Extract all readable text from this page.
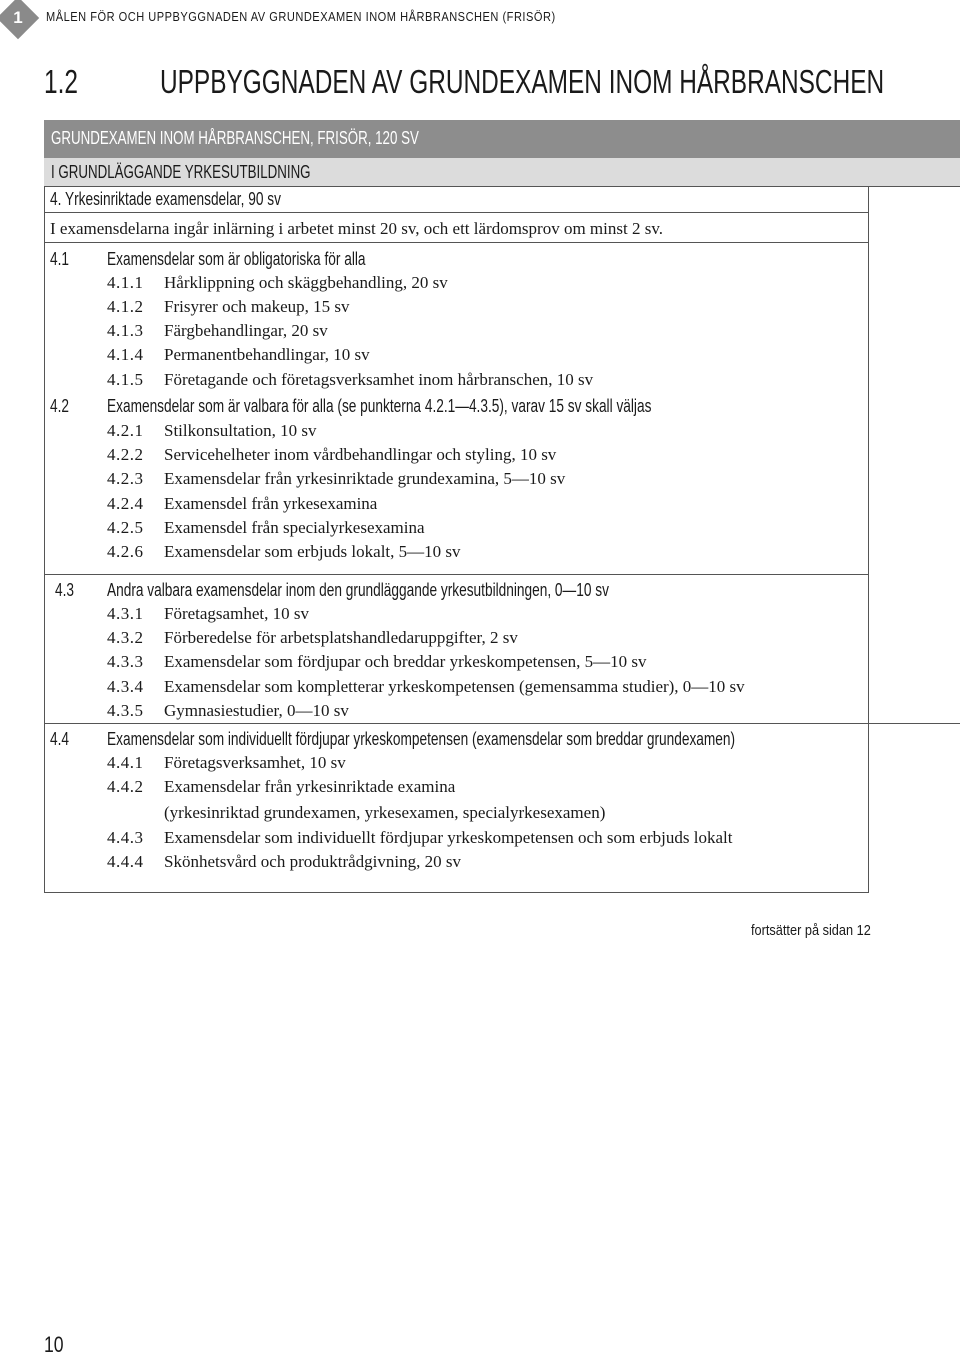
1	MÅLEN FÖR OCH UPPBYGGNADEN AV GRUNDEXAMEN INOM HÅRBRANSCHEN (FRISÖR)
1.2 UPPBYGGNADEN AV GRUNDEXAMEN INOM HÅRBRANSCHEN
GRUNDEXAMEN INOM HÅRBRANSCHEN, FRISÖR, 120 SV
I GRUNDLÄGGANDE YRKESUTBILDNING
4. Yrkesinriktade examensdelar, 90 sv
I examensdelarna ingår inlärning i arbetet minst 20 sv, och ett lärdomsprov om minst 2 sv.
4.1 Examensdelar som är obligatoriska för alla
4.1.1 Hårklippning och skäggbehandling, 20 sv
4.1.2 Frisyrer och makeup, 15 sv
4.1.3 Färgbehandlingar, 20 sv
4.1.4 Permanentbehandlingar, 10 sv
4.1.5 Företagande och företagsverksamhet inom hårbranschen, 10 sv
4.2 Examensdelar som är valbara för alla (se punkterna 4.2.1—4.3.5), varav 15 sv skall väljas
4.2.1 Stilkonsultation, 10 sv
4.2.2 Servicehelheter inom vårdbehandlingar och styling, 10 sv
4.2.3 Examensdelar från yrkesinriktade grundexamina, 5—10 sv
4.2.4 Examensdel från yrkesexamina
4.2.5 Examensdel från specialyrkesexamina
4.2.6 Examensdelar som erbjuds lokalt, 5—10 sv
4.3 Andra valbara examensdelar inom den grundläggande yrkesutbildningen, 0—10 sv
4.3.1 Företagsamhet, 10 sv
4.3.2 Förberedelse för arbetsplatshandledaruppgifter, 2 sv
4.3.3 Examensdelar som fördjupar och breddar yrkeskompetensen, 5—10 sv
4.3.4 Examensdelar som kompletterar yrkeskompetensen (gemensamma studier), 0—10 sv
4.3.5 Gymnasiestudier, 0—10 sv
4.4 Examensdelar som individuellt fördjupar yrkeskompetensen (examensdelar som breddar grundexamen)
4.4.1 Företagsverksamhet, 10 sv
4.4.2 Examensdelar från yrkesinriktade examina
(yrkesinriktad grundexamen, yrkesexamen, specialyrkesexamen)
4.4.3 Examensdelar som individuellt fördjupar yrkeskompetensen och som erbjuds lokalt
4.4.4 Skönhetsvård och produktrådgivning, 20 sv
fortsätter på sidan 12
10
